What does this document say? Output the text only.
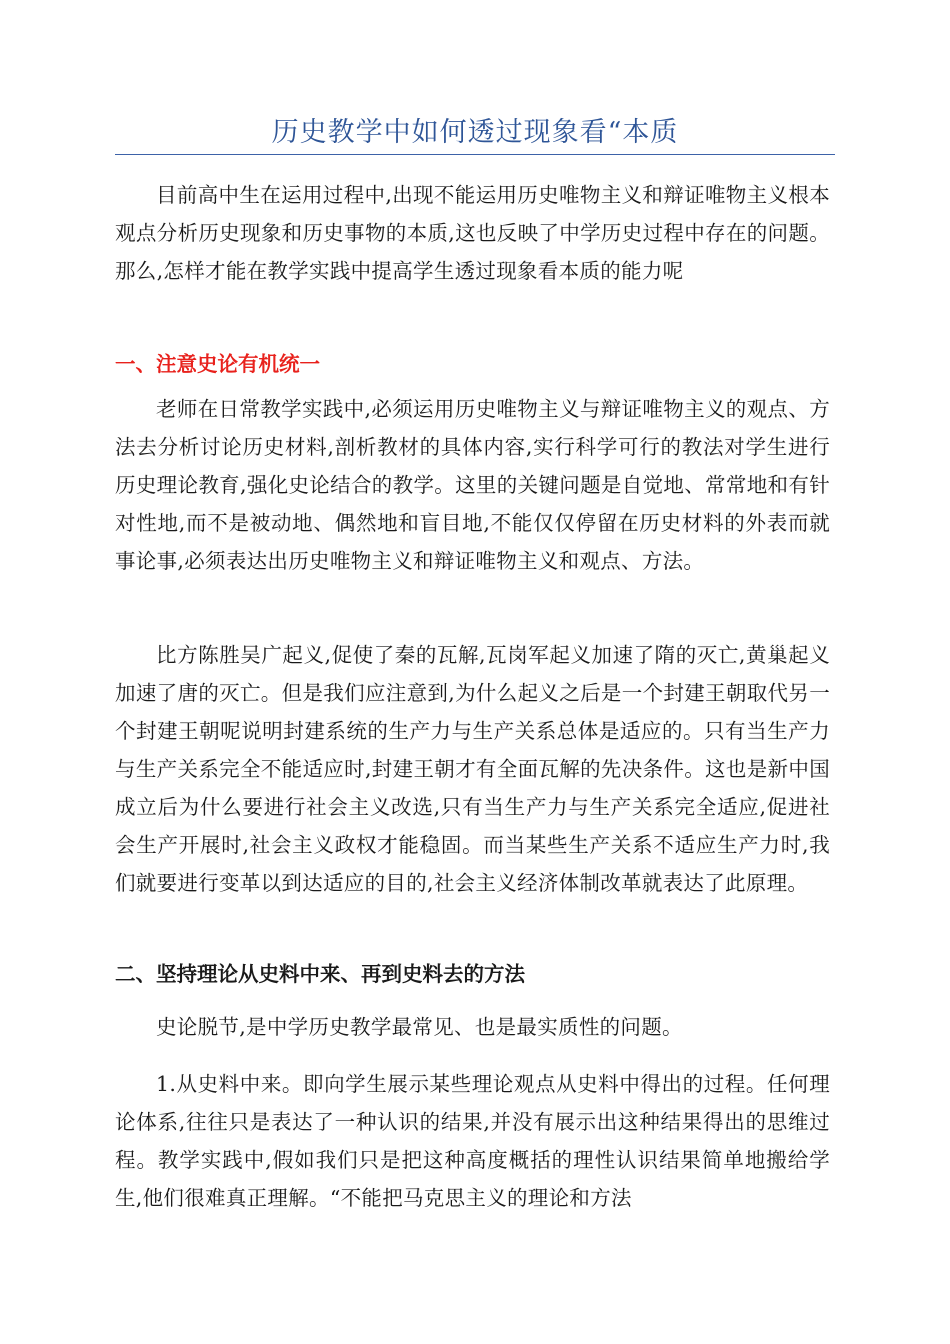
历史教学中如何透过现象看“本质

目前高中生在运用过程中,出现不能运用历史唯物主义和辩证唯物主义根本观点分析历史现象和历史事物的本质,这也反映了中学历史过程中存在的问题。那么,怎样才能在教学实践中提高学生透过现象看本质的能力呢

一、注意史论有机统一

老师在日常教学实践中,必须运用历史唯物主义与辩证唯物主义的观点、方法去分析讨论历史材料,剖析教材的具体内容,实行科学可行的教法对学生进行历史理论教育,强化史论结合的教学。这里的关键问题是自觉地、常常地和有针对性地,而不是被动地、偶然地和盲目地,不能仅仅停留在历史材料的外表而就事论事,必须表达出历史唯物主义和辩证唯物主义和观点、方法。

比方陈胜吴广起义,促使了秦的瓦解,瓦岗军起义加速了隋的灭亡,黄巢起义加速了唐的灭亡。但是我们应注意到,为什么起义之后是一个封建王朝取代另一个封建王朝呢说明封建系统的生产力与生产关系总体是适应的。只有当生产力与生产关系完全不能适应时,封建王朝才有全面瓦解的先决条件。这也是新中国成立后为什么要进行社会主义改选,只有当生产力与生产关系完全适应,促进社会生产开展时,社会主义政权才能稳固。而当某些生产关系不适应生产力时,我们就要进行变革以到达适应的目的,社会主义经济体制改革就表达了此原理。

二、坚持理论从史料中来、再到史料去的方法

史论脱节,是中学历史教学最常见、也是最实质性的问题。

1.从史料中来。即向学生展示某些理论观点从史料中得出的过程。任何理论体系,往往只是表达了一种认识的结果,并没有展示出这种结果得出的思维过程。教学实践中,假如我们只是把这种高度概括的理性认识结果简单地搬给学生,他们很难真正理解。“不能把马克思主义的理论和方法
